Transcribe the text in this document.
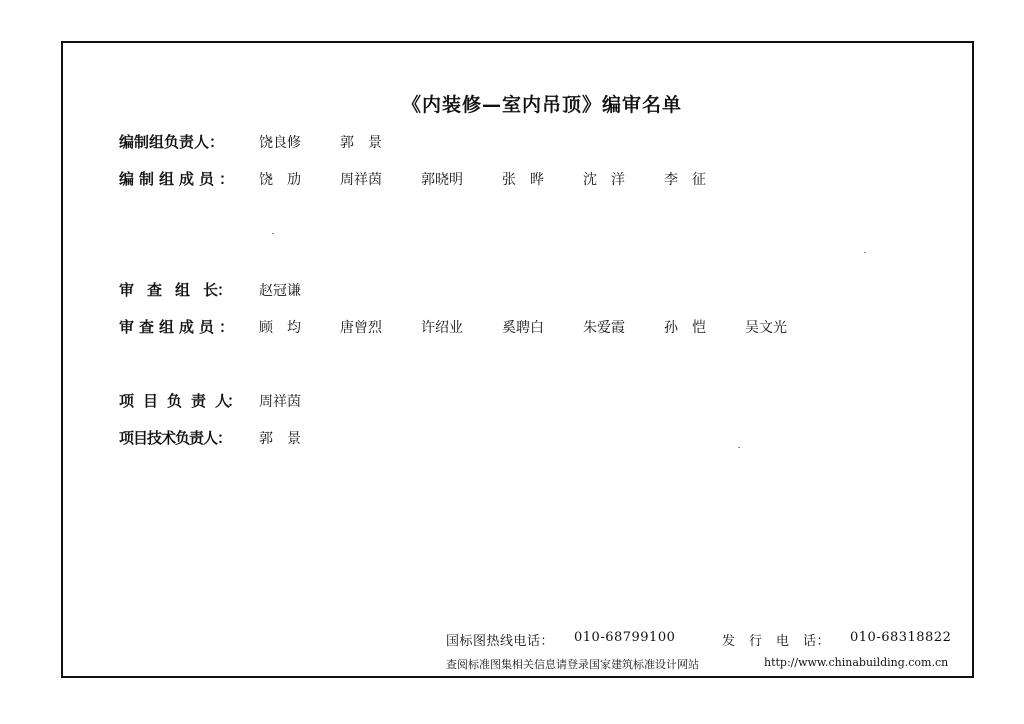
《内装修—室内吊顶》编审名单
编制组负责人：	饶良修	郭　景
编制组成员：	饶　劢	周祥茵	郭晓明	张　晔	沈　洋	李　征
审　查　组　长：	赵冠谦
审查组成员：	顾　均	唐曾烈	许绍业	奚聘白	朱爱霞	孙　恺	吴文光
项　目　负　责　人：	周祥茵
项目技术负责人：	郭　景
国标图热线电话： 010-68799100	发　行　电　话： 010-68318822
查阅标准图集相关信息请登录国家建筑标准设计网站	http://www.chinabuilding.com.cn
